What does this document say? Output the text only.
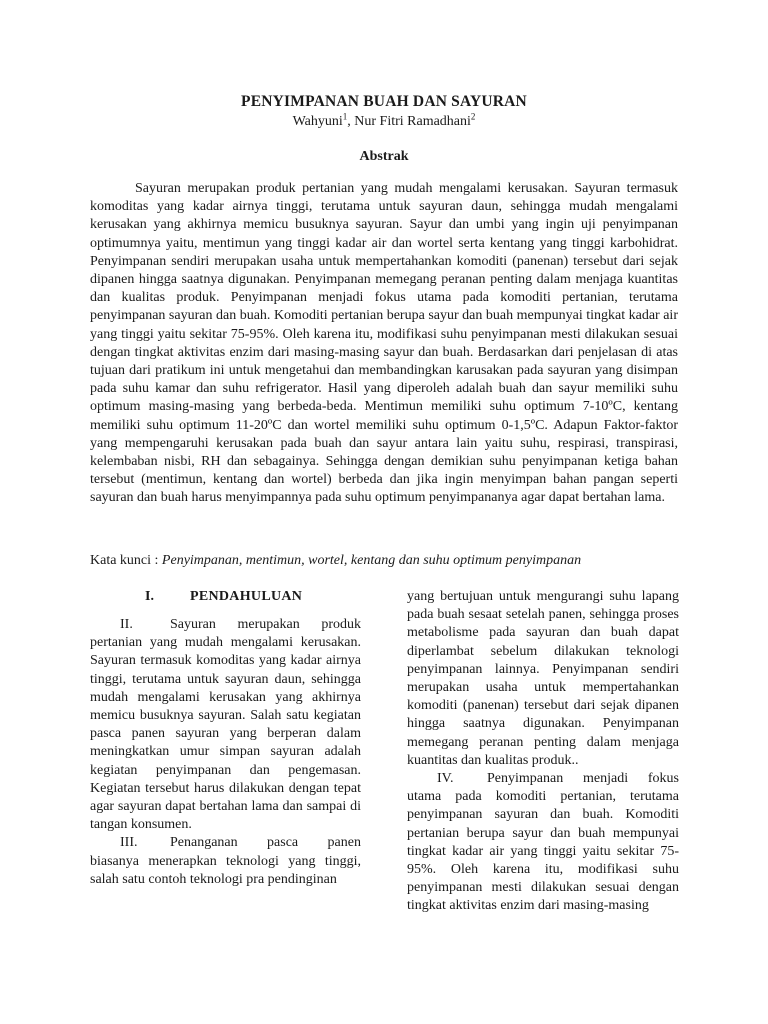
PENYIMPANAN BUAH DAN SAYURAN
Wahyuni$^1$, Nur Fitri Ramadhani$^2$
Abstrak

Sayuran merupakan produk pertanian yang mudah mengalami kerusakan. Sayuran termasuk komoditas yang kadar airnya tinggi, terutama untuk sayuran daun, sehingga mudah mengalami kerusakan yang akhirnya memicu busuknya sayuran. Sayur dan umbi yang ingin uji penyimpanan optimumnya yaitu, mentimun yang tinggi kadar air dan wortel serta kentang yang tinggi karbohidrat. Penyimpanan sendiri merupakan usaha untuk mempertahankan komoditi (panenan) tersebut dari sejak dipanen hingga saatnya digunakan. Penyimpanan memegang peranan penting dalam menjaga kuantitas dan kualitas produk. Penyimpanan menjadi fokus utama pada komoditi pertanian, terutama penyimpanan sayuran dan buah. Komoditi pertanian berupa sayur dan buah mempunyai tingkat kadar air yang tinggi yaitu sekitar 75-95%. Oleh karena itu, modifikasi suhu penyimpanan mesti dilakukan sesuai dengan tingkat aktivitas enzim dari masing-masing sayur dan buah. Berdasarkan dari penjelasan di atas tujuan dari pratikum ini untuk mengetahui dan membandingkan karusakan pada sayuran yang disimpan pada suhu kamar dan suhu refrigerator. Hasil yang diperoleh adalah buah dan sayur memiliki suhu optimum masing-masing yang berbeda-beda. Mentimun memiliki suhu optimum 7-10ºC, kentang memiliki suhu optimum 11-20ºC dan wortel memiliki suhu optimum 0-1,5ºC. Adapun Faktor-faktor yang mempengaruhi kerusakan pada buah dan sayur antara lain yaitu suhu, respirasi, transpirasi, kelembaban nisbi, RH dan sebagainya. Sehingga dengan demikian suhu penyimpanan ketiga bahan tersebut (mentimun, kentang dan wortel) berbeda dan jika ingin menyimpan bahan pangan seperti sayuran dan buah harus menyimpannya pada suhu optimum penyimpananya agar dapat bertahan lama.

Kata kunci : Penyimpanan, mentimun, wortel, kentang dan suhu optimum penyimpanan

I.	PENDAHULUAN

II.	Sayuran merupakan produk pertanian yang mudah mengalami kerusakan. Sayuran termasuk komoditas yang kadar airnya tinggi, terutama untuk sayuran daun, sehingga mudah mengalami kerusakan yang akhirnya memicu busuknya sayuran. Salah satu kegiatan pasca panen sayuran yang berperan dalam meningkatkan umur simpan sayuran adalah kegiatan penyimpanan dan pengemasan. Kegiatan tersebut harus dilakukan dengan tepat agar sayuran dapat bertahan lama dan sampai di tangan konsumen.

III. Penanganan pasca panen biasanya menerapkan teknologi yang tinggi, salah satu contoh teknologi pra pendinginan

yang bertujuan untuk mengurangi suhu lapang pada buah sesaat setelah panen, sehingga proses metabolisme pada sayuran dan buah dapat diperlambat sebelum dilakukan teknologi penyimpanan lainnya. Penyimpanan sendiri merupakan usaha untuk mempertahankan komoditi (panenan) tersebut dari sejak dipanen hingga saatnya digunakan. Penyimpanan memegang peranan penting dalam menjaga kuantitas dan kualitas produk..

IV. Penyimpanan menjadi fokus utama pada komoditi pertanian, terutama penyimpanan sayuran dan buah. Komoditi pertanian berupa sayur dan buah mempunyai tingkat kadar air yang tinggi yaitu sekitar 75-95%. Oleh karena itu, modifikasi suhu penyimpanan mesti dilakukan sesuai dengan tingkat aktivitas enzim dari masing-masing
